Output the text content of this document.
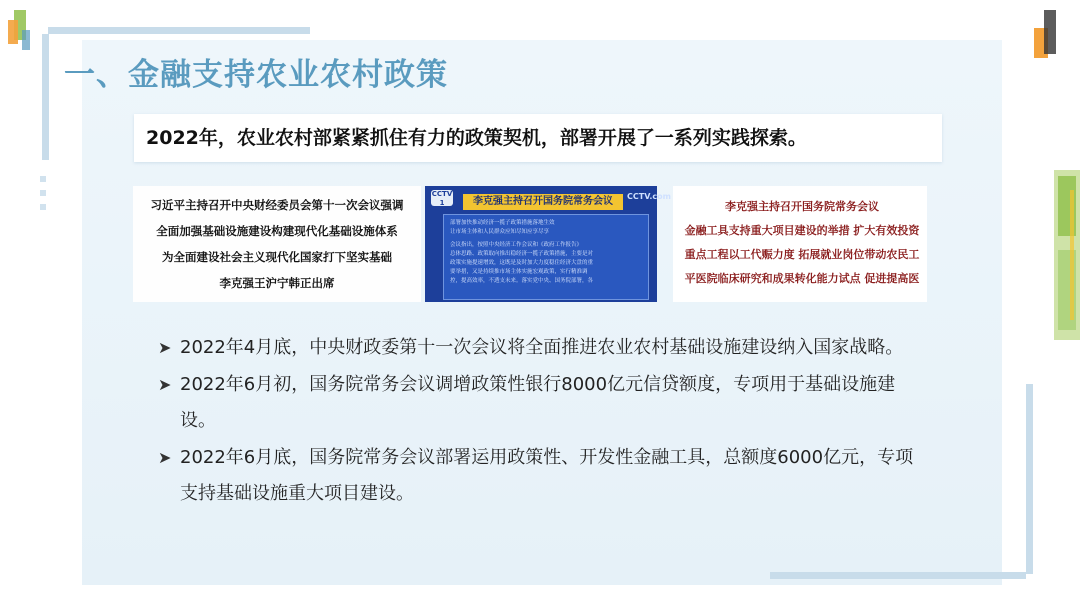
一、金融支持农业农村政策
2022年，农业农村部紧紧抓住有力的政策契机，部署开展了一系列实践探索。
习近平主持召开中央财经委员会第十一次会议强调
全面加强基础设施建设构建现代化基础设施体系
为全面建设社会主义现代化国家打下坚实基础
李克强王沪宁韩正出席
CCTV 1	李克强主持召开国务院常务会议	CCTV.com
部署加快推动经济一揽子政策措施落地生效
让市场主体和人民群众应知尽知应享尽享
会议指出，按照中央经济工作会议和《政府工作报告》
总体思路、政策取向推出稳经济一揽子政策措施，主要是对
政策实施提速增效，这既是及时加大力度稳住经济大盘的重
要举措，又是持续推市场主体实施宏观政策，实行精准调
控，提高效率，不透支未来。落实党中央、国务院部署，各
李克强主持召开国务院常务会议
金融工具支持重大项目建设的举措 扩大有效投资
重点工程以工代赈力度 拓展就业岗位带动农民工
平医院临床研究和成果转化能力试点 促进提高医
➤ 2022年4月底，中央财政委第十一次会议将全面推进农业农村基础设施建设纳入国家战略。
➤ 2022年6月初，国务院常务会议调增政策性银行8000亿元信贷额度，专项用于基础设施建设。
➤ 2022年6月底，国务院常务会议部署运用政策性、开发性金融工具，总额度6000亿元，专项支持基础设施重大项目建设。
